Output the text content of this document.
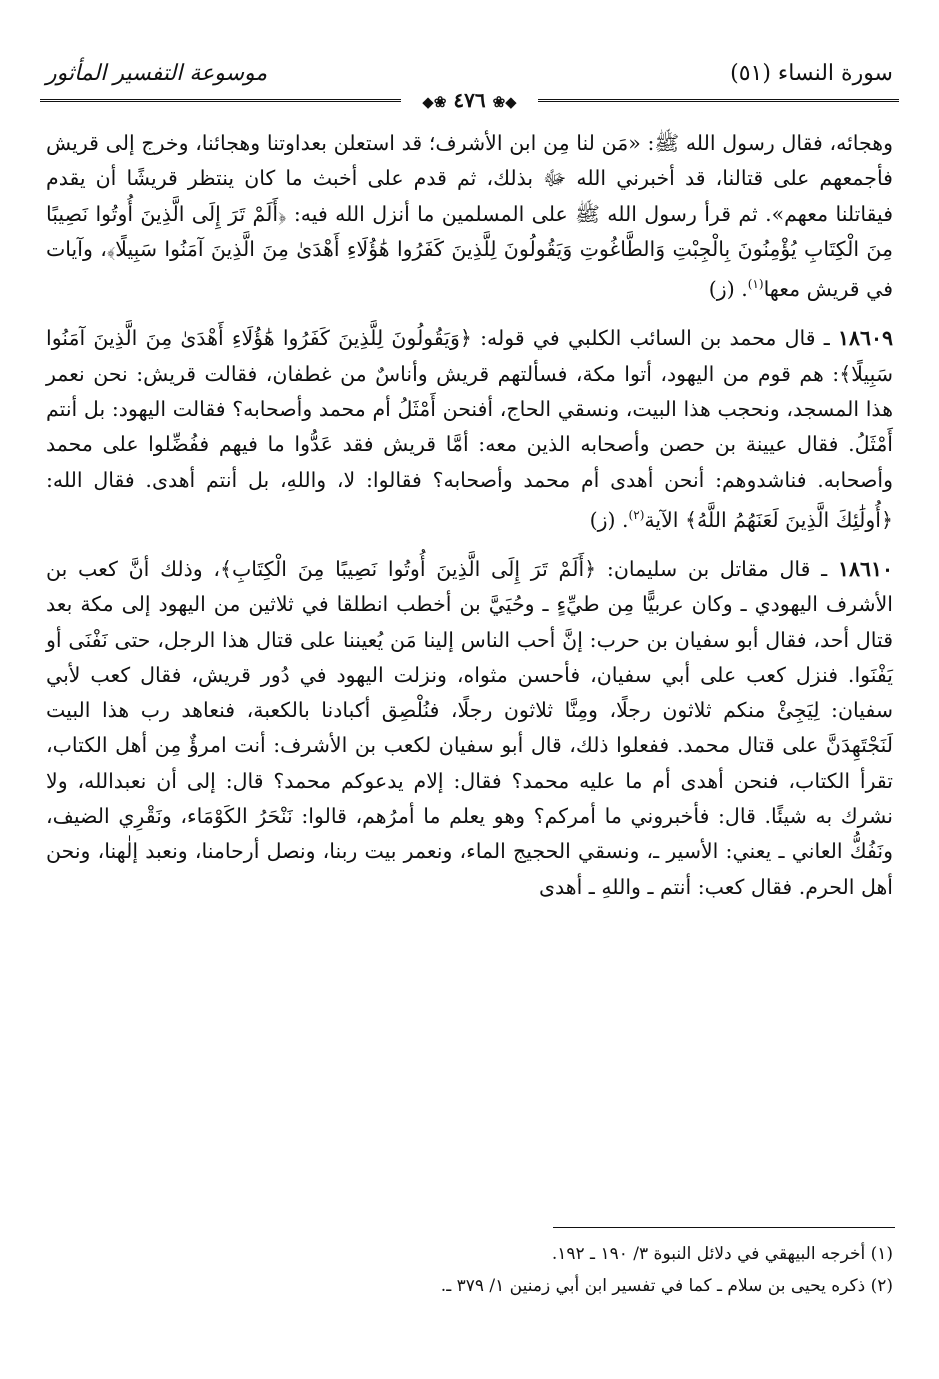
سورة النساء (٥١)
موسوعة التفسير المأثور
◆❀ ٤٧٦ ❀◆

وهجائه، فقال رسول الله ﷺ: «مَن لنا مِن ابن الأشرف؛ قد استعلن بعداوتنا وهجائنا، وخرج إلى قريش فأجمعهم على قتالنا، قد أخبرني الله ﷻ بذلك، ثم قدم على أخبث ما كان ينتظر قريشًا أن يقدم فيقاتلنا معهم». ثم قرأ رسول الله ﷺ على المسلمين ما أنزل الله فيه: ﴿أَلَمْ تَرَ إِلَى الَّذِينَ أُوتُوا نَصِيبًا مِنَ الْكِتَابِ يُؤْمِنُونَ بِالْجِبْتِ وَالطَّاغُوتِ وَيَقُولُونَ لِلَّذِينَ كَفَرُوا هَٰؤُلَاءِ أَهْدَىٰ مِنَ الَّذِينَ آمَنُوا سَبِيلًا﴾، وآيات في قريش معها$^{(١)}$. (ز)

١٨٦٠٩ ـ قال محمد بن السائب الكلبي في قوله: ﴿وَيَقُولُونَ لِلَّذِينَ كَفَرُوا هَٰؤُلَاءِ أَهْدَىٰ مِنَ الَّذِينَ آمَنُوا سَبِيلًا﴾: هم قوم من اليهود، أتوا مكة، فسألتهم قريش وأناسٌ من غطفان، فقالت قريش: نحن نعمر هذا المسجد، ونحجب هذا البيت، ونسقي الحاج، أفنحن أَمْثَلُ أم محمد وأصحابه؟ فقالت اليهود: بل أنتم أَمْثَلُ. فقال عيينة بن حصن وأصحابه الذين معه: أمَّا قريش فقد عَدُّوا ما فيهم ففُضِّلوا على محمد وأصحابه. فناشدوهم: أنحن أهدى أم محمد وأصحابه؟ فقالوا: لا، واللهِ، بل أنتم أهدى. فقال الله: ﴿أُولَٰئِكَ الَّذِينَ لَعَنَهُمُ اللَّهُ﴾ الآية$^{(٢)}$. (ز)

١٨٦١٠ ـ قال مقاتل بن سليمان: ﴿أَلَمْ تَرَ إِلَى الَّذِينَ أُوتُوا نَصِيبًا مِنَ الْكِتَابِ﴾، وذلك أنَّ كعب بن الأشرف اليهودي ـ وكان عربيًّا مِن طيِّءٍ ـ وحُيَيَّ بن أخطب انطلقا في ثلاثين من اليهود إلى مكة بعد قتال أحد، فقال أبو سفيان بن حرب: إنَّ أحب الناس إلينا مَن يُعيننا على قتال هذا الرجل، حتى نَفْنَى أو يَفْنَوا. فنزل كعب على أبي سفيان، فأحسن مثواه، ونزلت اليهود في دُور قريش، فقال كعب لأبي سفيان: لِيَجِئْ منكم ثلاثون رجلًا، ومِنَّا ثلاثون رجلًا، فنُلْصِق أكبادنا بالكعبة، فنعاهد رب هذا البيت لَنَجْتَهِدَنَّ على قتال محمد. ففعلوا ذلك، قال أبو سفيان لكعب بن الأشرف: أنت امرؤٌ مِن أهل الكتاب، تقرأ الكتاب، فنحن أهدى أم ما عليه محمد؟ فقال: إلام يدعوكم محمد؟ قال: إلى أن نعبدالله، ولا نشرك به شيئًا. قال: فأخبروني ما أمركم؟ وهو يعلم ما أمرُهم، قالوا: نَنْحَرُ الكَوْمَاء، ونَقْرِي الضيف، ونَفُكُّ العاني ـ يعني: الأسير ـ، ونسقي الحجيج الماء، ونعمر بيت ربنا، ونصل أرحامنا، ونعبد إلٰهنا، ونحن أهل الحرم. فقال كعب: أنتم ـ واللهِ ـ أهدى

(١) أخرجه البيهقي في دلائل النبوة ٣/ ١٩٠ ـ ١٩٢.

(٢) ذكره يحيى بن سلام ـ كما في تفسير ابن أبي زمنين ١/ ٣٧٩ ـ.
